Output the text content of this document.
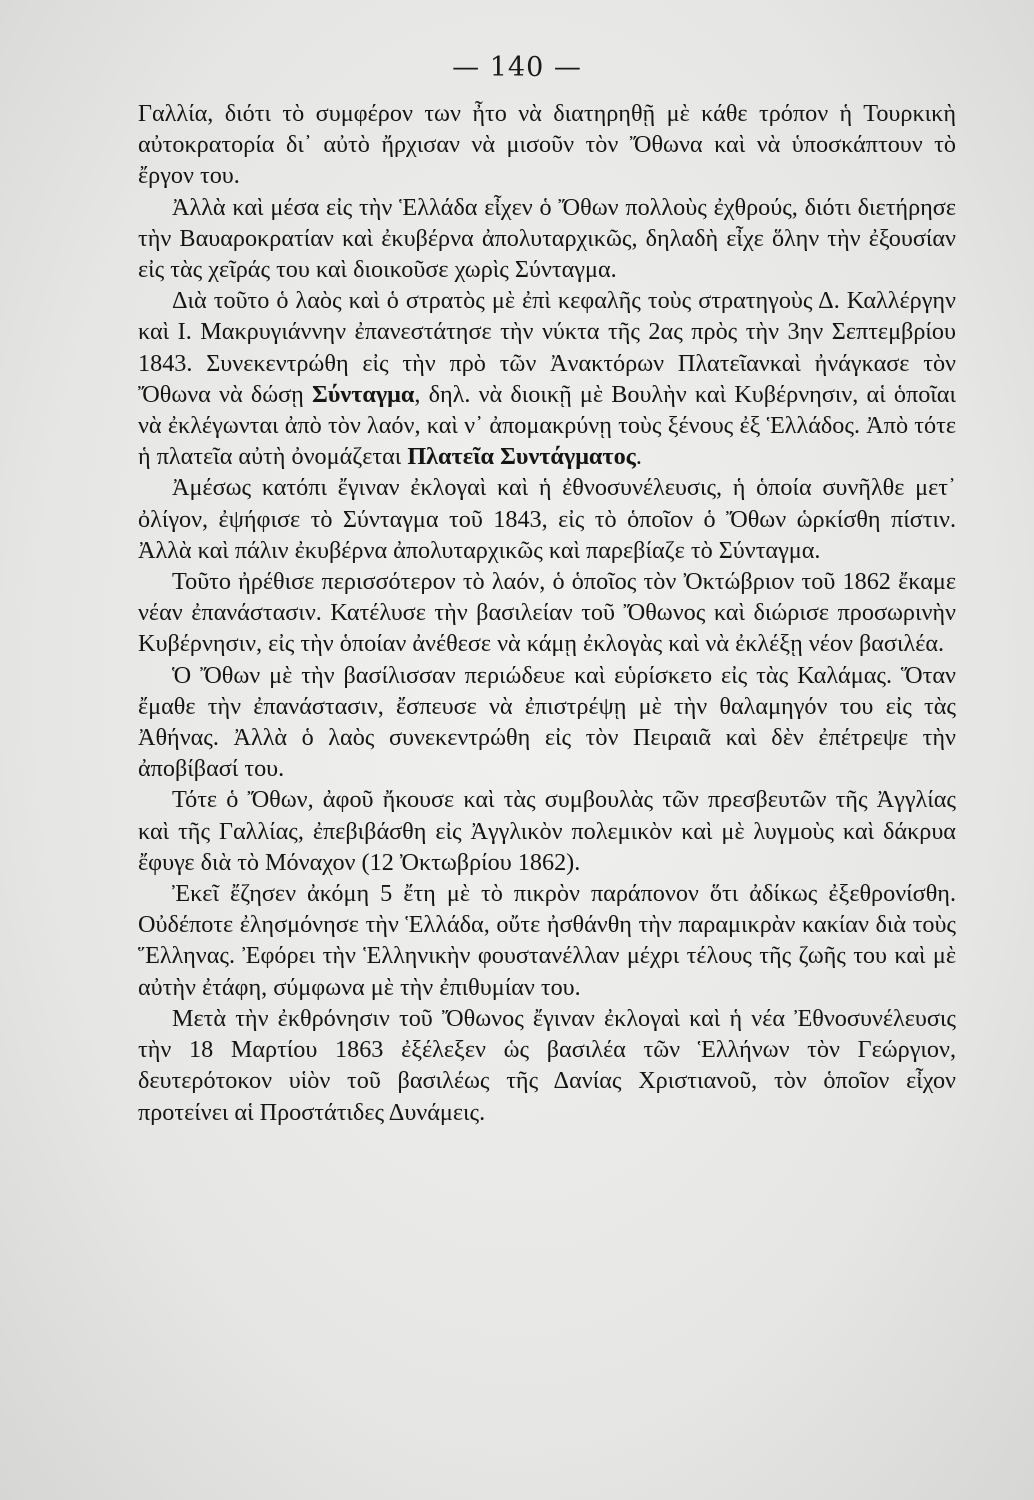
— 140 —

Γαλλία, διότι τὸ συμφέρον των ἦτο νὰ διατηρηθῇ μὲ κάθε τρόπον ἡ Τουρκικὴ αὐτοκρατορία δι᾽ αὐτὸ ἤρχισαν νὰ μισοῦν τὸν Ὄθωνα καὶ νὰ ὑποσκάπτουν τὸ ἔργον του.

Ἀλλὰ καὶ μέσα εἰς τὴν Ἑλλάδα εἶχεν ὁ Ὄθων πολλοὺς ἐχθρούς, διότι διετήρησε τὴν Βαυαροκρατίαν καὶ ἐκυβέρνα ἀπολυταρχικῶς, δηλαδὴ εἶχε ὅλην τὴν ἐξουσίαν εἰς τὰς χεῖράς του καὶ διοικοῦσε χωρὶς Σύνταγμα.

Διὰ τοῦτο ὁ λαὸς καὶ ὁ στρατὸς μὲ ἐπὶ κεφαλῆς τοὺς στρατηγοὺς Δ. Καλλέργην καὶ Ι. Μακρυγιάννην ἐπανεστάτησε τὴν νύκτα τῆς 2ας πρὸς τὴν 3ην Σεπτεμβρίου 1843. Συνεκεντρώθη εἰς τὴν πρὸ τῶν Ἀνακτόρων Πλατεῖανκαὶ ἠνάγκασε τὸν Ὄθωνα νὰ δώσῃ Σύνταγμα, δηλ. νὰ διοικῇ μὲ Βουλὴν καὶ Κυβέρνησιν, αἱ ὁποῖαι νὰ ἐκλέγωνται ἀπὸ τὸν λαόν, καὶ ν᾽ ἀπομακρύνῃ τοὺς ξένους ἐξ Ἑλλάδος. Ἀπὸ τότε ἡ πλατεῖα αὐτὴ ὀνομάζεται Πλατεῖα Συντάγματος.

Ἀμέσως κατόπι ἔγιναν ἐκλογαὶ καὶ ἡ ἐθνοσυνέλευσις, ἡ ὁποία συνῆλθε μετ᾽ ὀλίγον, ἐψήφισε τὸ Σύνταγμα τοῦ 1843, εἰς τὸ ὁποῖον ὁ Ὄθων ὡρκίσθη πίστιν. Ἀλλὰ καὶ πάλιν ἐκυβέρνα ἀπολυταρχικῶς καὶ παρεβίαζε τὸ Σύνταγμα.

Τοῦτο ἠρέθισε περισσότερον τὸ λαόν, ὁ ὁποῖος τὸν Ὀκτώβριον τοῦ 1862 ἔκαμε νέαν ἐπανάστασιν. Κατέλυσε τὴν βασιλείαν τοῦ Ὄθωνος καὶ διώρισε προσωρινὴν Κυβέρνησιν, εἰς τὴν ὁποίαν ἀνέθεσε νὰ κάμῃ ἐκλογὰς καὶ νὰ ἐκλέξῃ νέον βασιλέα.

Ὁ Ὄθων μὲ τὴν βασίλισσαν περιώδευε καὶ εὑρίσκετο εἰς τὰς Καλάμας. Ὅταν ἔμαθε τὴν ἐπανάστασιν, ἔσπευσε νὰ ἐπιστρέψῃ μὲ τὴν θαλαμηγόν του εἰς τὰς Ἀθήνας. Ἀλλὰ ὁ λαὸς συνεκεντρώθη εἰς τὸν Πειραιᾶ καὶ δὲν ἐπέτρεψε τὴν ἀποβίβασί του.

Τότε ὁ Ὄθων, ἀφοῦ ἤκουσε καὶ τὰς συμβουλὰς τῶν πρεσβευτῶν τῆς Ἀγγλίας καὶ τῆς Γαλλίας, ἐπεβιβάσθη εἰς Ἀγγλικὸν πολεμικὸν καὶ μὲ λυγμοὺς καὶ δάκρυα ἔφυγε διὰ τὸ Μόναχον (12 Ὀκτωβρίου 1862).

Ἐκεῖ ἔζησεν ἀκόμη 5 ἔτη μὲ τὸ πικρὸν παράπονον ὅτι ἀδίκως ἐξεθρονίσθη. Οὐδέποτε ἐλησμόνησε τὴν Ἑλλάδα, οὔτε ἠσθάνθη τὴν παραμικρὰν κακίαν διὰ τοὺς Ἕλληνας. Ἐφόρει τὴν Ἑλληνικὴν φουστανέλλαν μέχρι τέλους τῆς ζωῆς του καὶ μὲ αὐτὴν ἐτάφη, σύμφωνα μὲ τὴν ἐπιθυμίαν του.

Μετὰ τὴν ἐκθρόνησιν τοῦ Ὄθωνος ἔγιναν ἐκλογαὶ καὶ ἡ νέα Ἐθνοσυνέλευσις τὴν 18 Μαρτίου 1863 ἐξέλεξεν ὡς βασιλέα τῶν Ἑλλήνων τὸν Γεώργιον, δευτερότοκον υἱὸν τοῦ βασιλέως τῆς Δανίας Χριστιανοῦ, τὸν ὁποῖον εἶχον προτείνει αἱ Προστάτιδες Δυνάμεις.
